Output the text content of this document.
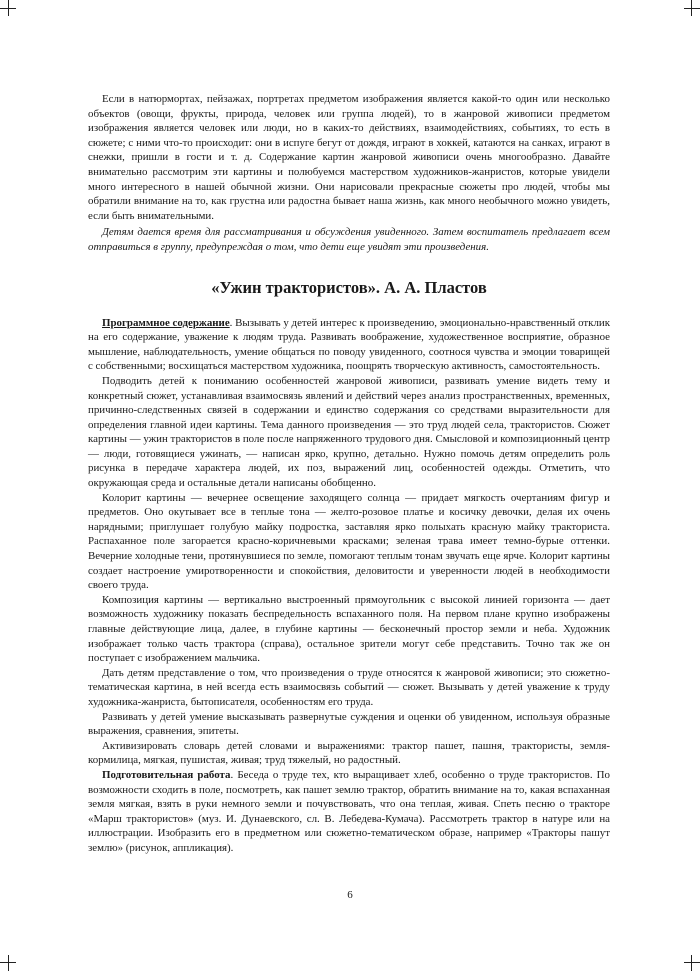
Если в натюрмортах, пейзажах, портретах предметом изображения является какой-то один или несколько объектов (овощи, фрукты, природа, человек или группа людей), то в жанровой живописи предметом изображения является человек или люди, но в каких-то действиях, взаимодействиях, событиях, то есть в сюжете; с ними что-то происходит: они в испуге бегут от дождя, играют в хоккей, катаются на санках, играют в снежки, пришли в гости и т. д. Содержание картин жанровой живописи очень многообразно. Давайте внимательно рассмотрим эти картины и полюбуемся мастерством художников-жанристов, которые увидели много интересного в нашей обычной жизни. Они нарисовали прекрасные сюжеты про людей, чтобы мы обратили внимание на то, как грустна или радостна бывает наша жизнь, как много необычного можно увидеть, если быть внимательными.

Детям дается время для рассматривания и обсуждения увиденного. Затем воспитатель предлагает всем отправиться в группу, предупреждая о том, что дети еще увидят эти произведения.

«Ужин трактористов». А. А. Пластов

Программное содержание. Вызывать у детей интерес к произведению, эмоционально-нравственный отклик на его содержание, уважение к людям труда. Развивать воображение, художественное восприятие, образное мышление, наблюдательность, умение общаться по поводу увиденного, соотнося чувства и эмоции товарищей с собственными; восхищаться мастерством художника, поощрять творческую активность, самостоятельность.

Подводить детей к пониманию особенностей жанровой живописи, развивать умение видеть тему и конкретный сюжет, устанавливая взаимосвязь явлений и действий через анализ пространственных, временных, причинно-следственных связей в содержании и единство содержания со средствами выразительности для определения главной идеи картины. Тема данного произведения — это труд людей села, трактористов. Сюжет картины — ужин трактористов в поле после напряженного трудового дня. Смысловой и композиционный центр — люди, готовящиеся ужинать, — написан ярко, крупно, детально. Нужно помочь детям определить роль рисунка в передаче характера людей, их поз, выражений лиц, особенностей одежды. Отметить, что окружающая среда и остальные детали написаны обобщенно.

Колорит картины — вечернее освещение заходящего солнца — придает мягкость очертаниям фигур и предметов. Оно окутывает все в теплые тона — желто-розовое платье и косичку девочки, делая их очень нарядными; приглушает голубую майку подростка, заставляя ярко полыхать красную майку тракториста. Распаханное поле загорается красно-коричневыми красками; зеленая трава имеет темно-бурые оттенки. Вечерние холодные тени, протянувшиеся по земле, помогают теплым тонам звучать еще ярче. Колорит картины создает настроение умиротворенности и спокойствия, деловитости и уверенности людей в необходимости своего труда.

Композиция картины — вертикально выстроенный прямоугольник с высокой линией горизонта — дает возможность художнику показать беспредельность вспаханного поля. На первом плане крупно изображены главные действующие лица, далее, в глубине картины — бесконечный простор земли и неба. Художник изображает только часть трактора (справа), остальное зрители могут себе представить. Точно так же он поступает с изображением мальчика.

Дать детям представление о том, что произведения о труде относятся к жанровой живописи; это сюжетно-тематическая картина, в ней всегда есть взаимосвязь событий — сюжет. Вызывать у детей уважение к труду художника-жанриста, бытописателя, особенностям его труда.

Развивать у детей умение высказывать развернутые суждения и оценки об увиденном, используя образные выражения, сравнения, эпитеты.

Активизировать словарь детей словами и выражениями: трактор пашет, пашня, трактористы, земля-кормилица, мягкая, пушистая, живая; труд тяжелый, но радостный.

Подготовительная работа. Беседа о труде тех, кто выращивает хлеб, особенно о труде трактористов. По возможности сходить в поле, посмотреть, как пашет землю трактор, обратить внимание на то, какая вспаханная земля мягкая, взять в руки немного земли и почувствовать, что она теплая, живая. Спеть песню о тракторе «Марш трактористов» (муз. И. Дунаевского, сл. В. Лебедева-Кумача). Рассмотреть трактор в натуре или на иллюстрации. Изобразить его в предметном или сюжетно-тематическом образе, например «Тракторы пашут землю» (рисунок, аппликация).

6
